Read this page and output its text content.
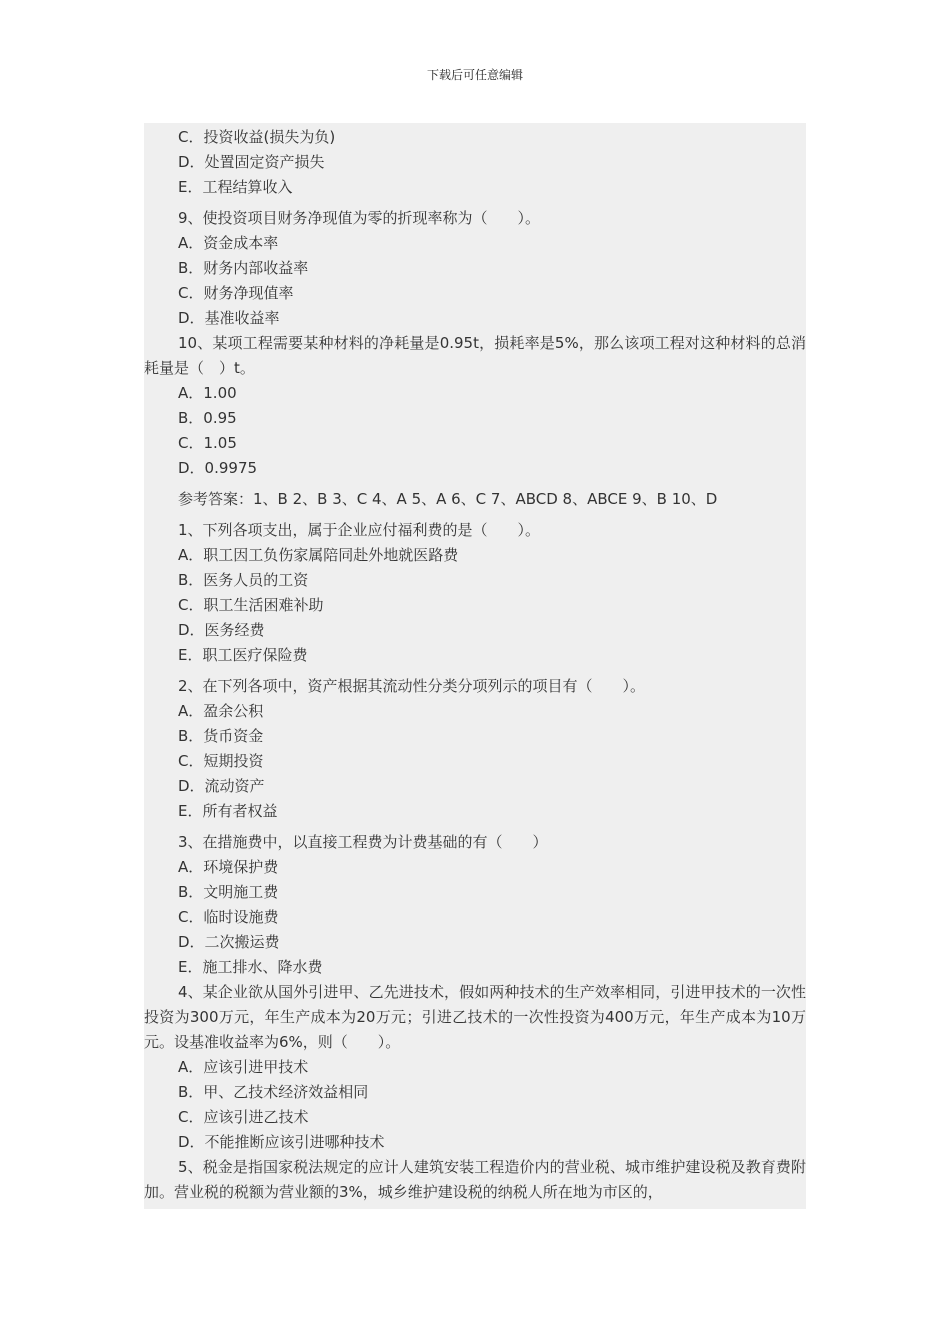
下载后可任意编辑
C．投资收益(损失为负)
D．处置固定资产损失
E．工程结算收入
9、使投资项目财务净现值为零的折现率称为（　　）。
A．资金成本率
B．财务内部收益率
C．财务净现值率
D．基准收益率

10、某项工程需要某种材料的净耗量是0.95t，损耗率是5%，那么该项工程对这种材料的总消耗量是（　）t。

A．1.00
B．0.95
C．1.05
D．0.9975
参考答案：1、B 2、B 3、C 4、A 5、A 6、C 7、ABCD 8、ABCE 9、B 10、D
1、下列各项支出，属于企业应付福利费的是（　　）。
A．职工因工负伤家属陪同赴外地就医路费
B．医务人员的工资
C．职工生活困难补助
D．医务经费
E．职工医疗保险费
2、在下列各项中，资产根据其流动性分类分项列示的项目有（　　）。
A．盈余公积
B．货币资金
C．短期投资
D．流动资产
E．所有者权益
3、在措施费中，以直接工程费为计费基础的有（　　）
A．环境保护费
B．文明施工费
C．临时设施费
D．二次搬运费
E．施工排水、降水费

4、某企业欲从国外引进甲、乙先进技术，假如两种技术的生产效率相同，引进甲技术的一次性投资为300万元，年生产成本为20万元；引进乙技术的一次性投资为400万元，年生产成本为10万元。设基准收益率为6%，则（　　）。

A．应该引进甲技术
B．甲、乙技术经济效益相同
C．应该引进乙技术
D．不能推断应该引进哪种技术

5、税金是指国家税法规定的应计人建筑安装工程造价内的营业税、城市维护建设税及教育费附加。营业税的税额为营业额的3%，城乡维护建设税的纳税人所在地为市区的，
